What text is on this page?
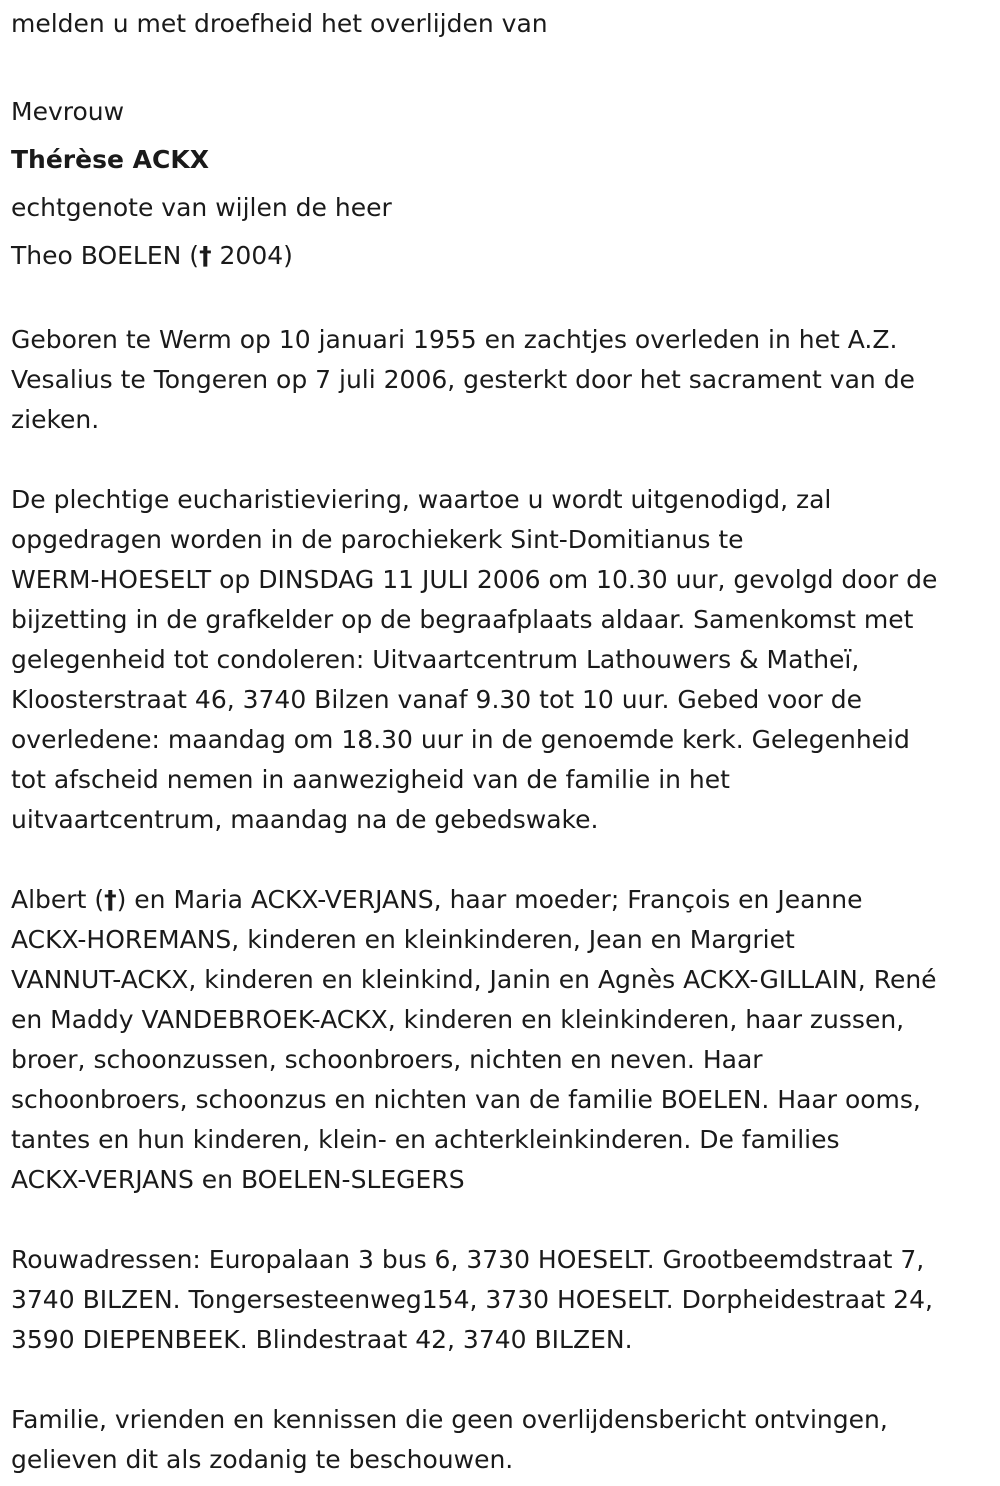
melden u met droefheid het overlijden van

Mevrouw

Thérèse ACKX

echtgenote van wijlen de heer

Theo BOELEN († 2004)

Geboren te Werm op 10 januari 1955 en zachtjes overleden in het A.Z.

Vesalius te Tongeren op 7 juli 2006, gesterkt door het sacrament van de

zieken.

De plechtige eucharistieviering, waartoe u wordt uitgenodigd, zal

opgedragen worden in de parochiekerk Sint-Domitianus te

WERM-HOESELT op DINSDAG 11 JULI 2006 om 10.30 uur, gevolgd door de

bijzetting in de grafkelder op de begraafplaats aldaar. Samenkomst met

gelegenheid tot condoleren: Uitvaartcentrum Lathouwers & Matheï,

Kloosterstraat 46, 3740 Bilzen vanaf 9.30 tot 10 uur. Gebed voor de

overledene: maandag om 18.30 uur in de genoemde kerk. Gelegenheid

tot afscheid nemen in aanwezigheid van de familie in het

uitvaartcentrum, maandag na de gebedswake.

Albert (†) en Maria ACKX-VERJANS, haar moeder; François en Jeanne

ACKX-HOREMANS, kinderen en kleinkinderen, Jean en Margriet

VANNUT-ACKX, kinderen en kleinkind, Janin en Agnès ACKX-GILLAIN, René

en Maddy VANDEBROEK-ACKX, kinderen en kleinkinderen, haar zussen,

broer, schoonzussen, schoonbroers, nichten en neven. Haar

schoonbroers, schoonzus en nichten van de familie BOELEN. Haar ooms,

tantes en hun kinderen, klein- en achterkleinkinderen. De families

ACKX-VERJANS en BOELEN-SLEGERS

Rouwadressen: Europalaan 3 bus 6, 3730 HOESELT. Grootbeemdstraat 7,

3740 BILZEN. Tongersesteenweg154, 3730 HOESELT. Dorpheidestraat 24,

3590 DIEPENBEEK. Blindestraat 42, 3740 BILZEN.

Familie, vrienden en kennissen die geen overlijdensbericht ontvingen,

gelieven dit als zodanig te beschouwen.
